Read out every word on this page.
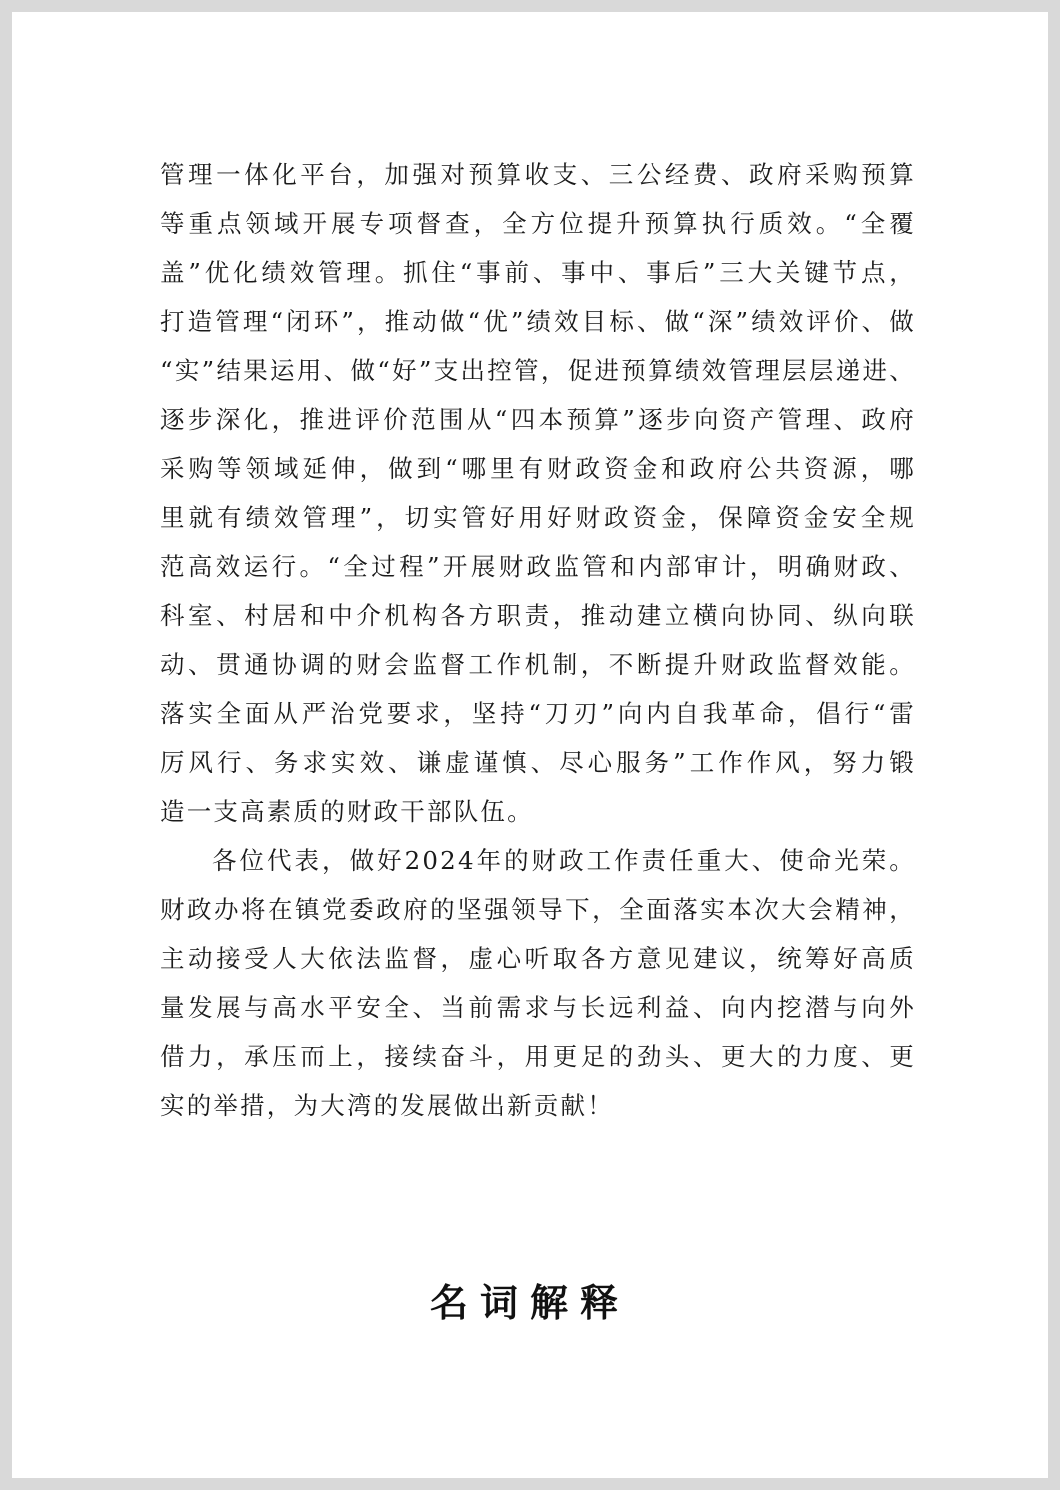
管理一体化平台，加强对预算收支、三公经费、政府采购预算
等重点领域开展专项督查，全方位提升预算执行质效。“全覆
盖”优化绩效管理。抓住“事前、事中、事后”三大关键节点，
打造管理“闭环”，推动做“优”绩效目标、做“深”绩效评价、做
“实”结果运用、做“好”支出控管，促进预算绩效管理层层递进、
逐步深化，推进评价范围从“四本预算”逐步向资产管理、政府
采购等领域延伸，做到“哪里有财政资金和政府公共资源，哪
里就有绩效管理”，切实管好用好财政资金，保障资金安全规
范高效运行。“全过程”开展财政监管和内部审计，明确财政、
科室、村居和中介机构各方职责，推动建立横向协同、纵向联
动、贯通协调的财会监督工作机制，不断提升财政监督效能。
落实全面从严治党要求，坚持“刀刃”向内自我革命，倡行“雷
厉风行、务求实效、谦虚谨慎、尽心服务”工作作风，努力锻
造一支高素质的财政干部队伍。
各位代表，做好2024年的财政工作责任重大、使命光荣。
财政办将在镇党委政府的坚强领导下，全面落实本次大会精神，
主动接受人大依法监督，虚心听取各方意见建议，统筹好高质
量发展与高水平安全、当前需求与长远利益、向内挖潜与向外
借力，承压而上，接续奋斗，用更足的劲头、更大的力度、更
实的举措，为大湾的发展做出新贡献！
名词解释
